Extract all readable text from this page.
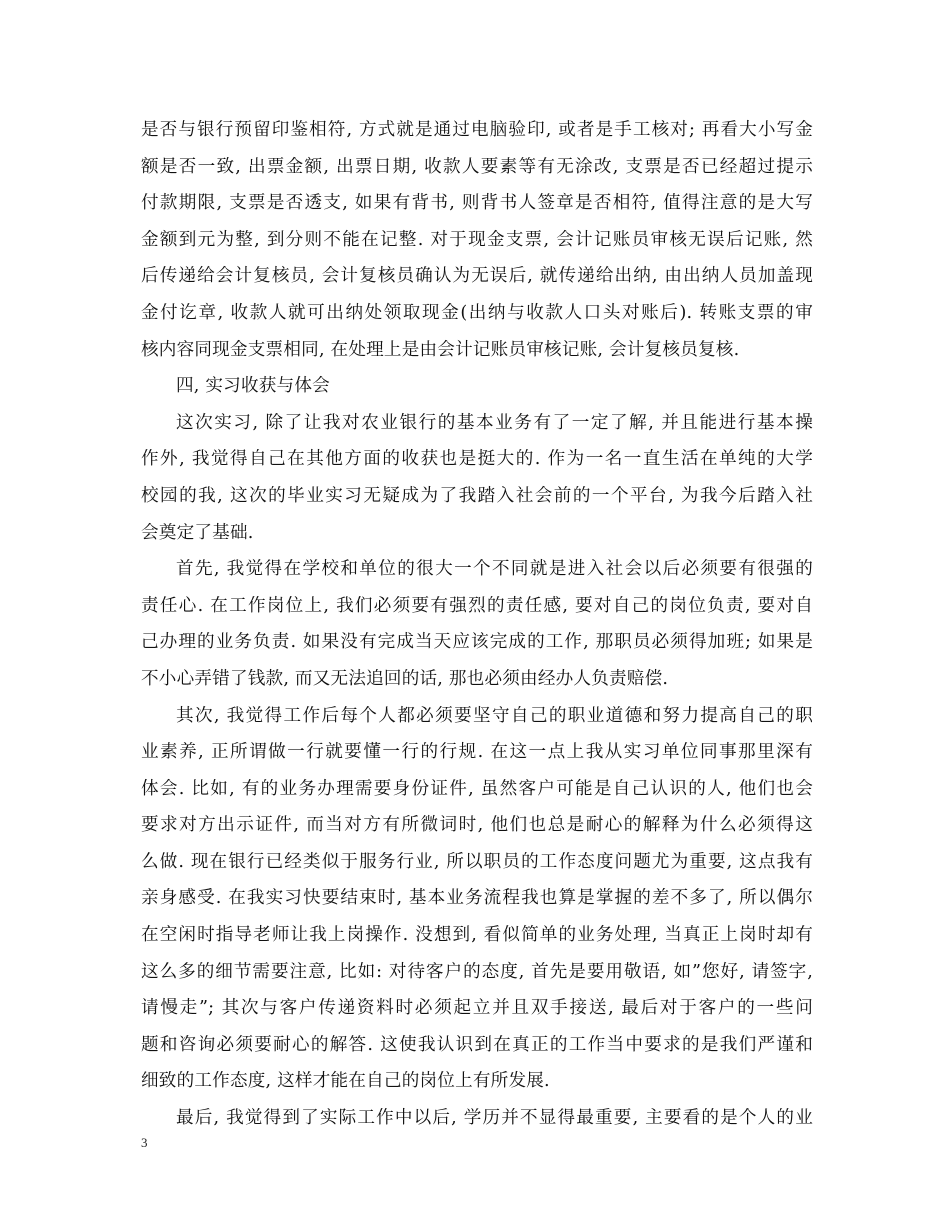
是否与银行预留印鉴相符, 方式就是通过电脑验印, 或者是手工核对; 再看大小写金
额是否一致, 出票金额, 出票日期, 收款人要素等有无涂改, 支票是否已经超过提示
付款期限, 支票是否透支, 如果有背书, 则背书人签章是否相符, 值得注意的是大写
金额到元为整, 到分则不能在记整. 对于现金支票, 会计记账员审核无误后记账, 然
后传递给会计复核员, 会计复核员确认为无误后, 就传递给出纳, 由出纳人员加盖现
金付讫章, 收款人就可出纳处领取现金(出纳与收款人口头对账后). 转账支票的审
核内容同现金支票相同, 在处理上是由会计记账员审核记账, 会计复核员复核.
四, 实习收获与体会
这次实习, 除了让我对农业银行的基本业务有了一定了解, 并且能进行基本操
作外, 我觉得自己在其他方面的收获也是挺大的. 作为一名一直生活在单纯的大学
校园的我, 这次的毕业实习无疑成为了我踏入社会前的一个平台, 为我今后踏入社
会奠定了基础.
首先, 我觉得在学校和单位的很大一个不同就是进入社会以后必须要有很强的
责任心. 在工作岗位上, 我们必须要有强烈的责任感, 要对自己的岗位负责, 要对自
己办理的业务负责. 如果没有完成当天应该完成的工作, 那职员必须得加班; 如果是
不小心弄错了钱款, 而又无法追回的话, 那也必须由经办人负责赔偿.
其次, 我觉得工作后每个人都必须要坚守自己的职业道德和努力提高自己的职
业素养, 正所谓做一行就要懂一行的行规. 在这一点上我从实习单位同事那里深有
体会. 比如, 有的业务办理需要身份证件, 虽然客户可能是自己认识的人, 他们也会
要求对方出示证件, 而当对方有所微词时, 他们也总是耐心的解释为什么必须得这
么做. 现在银行已经类似于服务行业, 所以职员的工作态度问题尤为重要, 这点我有
亲身感受. 在我实习快要结束时, 基本业务流程我也算是掌握的差不多了, 所以偶尔
在空闲时指导老师让我上岗操作. 没想到, 看似简单的业务处理, 当真正上岗时却有
这么多的细节需要注意, 比如: 对待客户的态度, 首先是要用敬语, 如”您好, 请签字,
请慢走”; 其次与客户传递资料时必须起立并且双手接送, 最后对于客户的一些问
题和咨询必须要耐心的解答. 这使我认识到在真正的工作当中要求的是我们严谨和
细致的工作态度, 这样才能在自己的岗位上有所发展.
最后, 我觉得到了实际工作中以后, 学历并不显得最重要, 主要看的是个人的业
3
